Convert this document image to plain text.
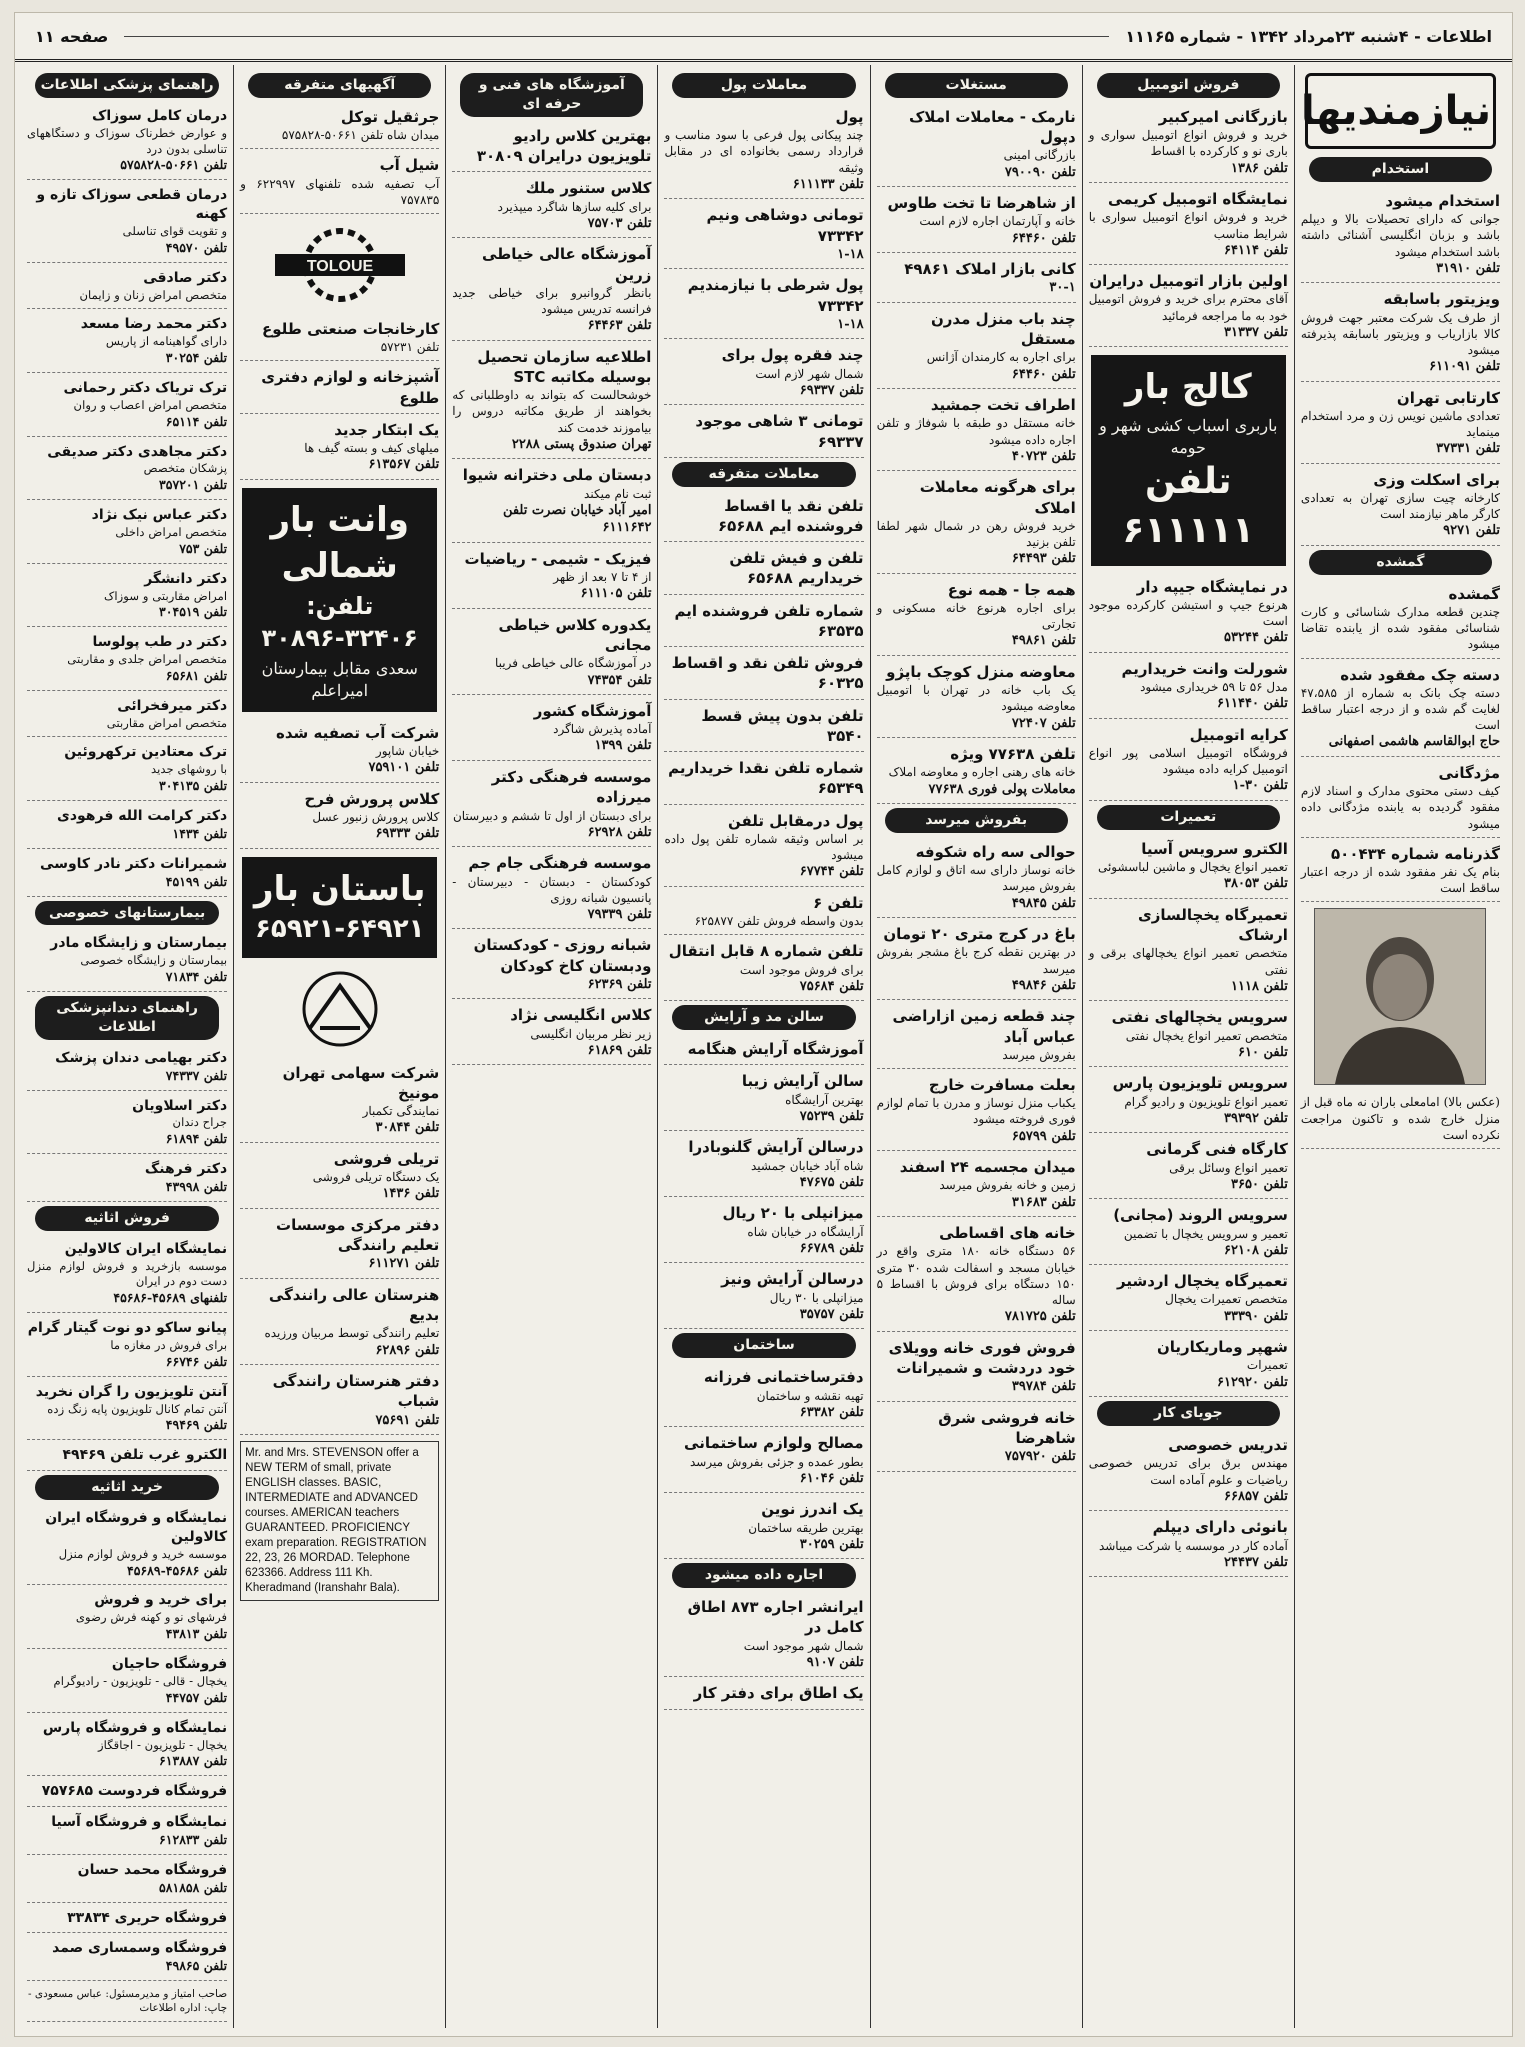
اطلاعات - ۴شنبه ۲۳مرداد ۱۳۴۲ - شماره ۱۱۱۶۵
صفحه ۱۱
نیازمندیها
استخدام
استخدام میشود
جوانی که دارای تحصیلات بالا و دیپلم باشد و بزبان انگلیسی آشنائی داشته باشد استخدام میشود
تلفن ۳۱۹۱۰
ویزیتور باسابقه
از طرف یک شرکت معتبر جهت فروش کالا بازاریاب و ویزیتور باسابقه پذیرفته میشود
تلفن ۶۱۱۰۹۱
کارتابی تهران
تعدادی ماشین نویس زن و مرد استخدام مینماید
تلفن ۳۷۳۳۱
برای اسکلت وزی
کارخانه چیت سازی تهران به تعدادی کارگر ماهر نیازمند است
تلفن ۹۲۷۱
گمشده
گمشده
چندین قطعه مدارک شناسائی و کارت شناسائی مفقود شده از یابنده تقاضا میشود
دسته چک مفقود شده
دسته چک بانک به شماره از ۴۷،۵۸۵ لغایت گم شده و از درجه اعتبار ساقط است
حاج ابوالقاسم هاشمی اصفهانی
مژدگانی
کیف دستی محتوی مدارک و اسناد لازم مفقود گردیده به یابنده مژدگانی داده میشود
گذرنامه شماره ۵۰۰۴۳۴
بنام یک نفر مفقود شده از درجه اعتبار ساقط است
(عکس بالا) امامعلی باران نه ماه قبل از منزل خارج شده و تاکنون مراجعت نکرده است
فروش اتومبیل
بازرگانی امیرکبیر
خرید و فروش انواع اتومبیل سواری و باری نو و کارکرده با اقساط
تلفن ۱۳۸۶
نمایشگاه اتومبیل کریمی
خرید و فروش انواع اتومبیل سواری با شرایط مناسب
تلفن ۶۴۱۱۴
اولین بازار اتومبیل درایران
آقای محترم برای خرید و فروش اتومبیل خود به ما مراجعه فرمائید
تلفن ۳۱۳۳۷
کالج بار
باربری اسباب کشی شهر و حومه
تلفن ۶۱۱۱۱۱
در نمایشگاه جیپه دار
هرنوع جیپ و استیشن کارکرده موجود است
تلفن ۵۳۲۴۴
شورلت وانت خریداریم
مدل ۵۶ تا ۵۹ خریداری میشود
تلفن ۶۱۱۴۴۰
کرایه اتومبیل
فروشگاه اتومبیل اسلامی پور انواع اتومبیل کرایه داده میشود
تلفن ۳۰-۱
تعمیرات
الکترو سرویس آسیا
تعمیر انواع یخچال و ماشین لباسشوئی
تلفن ۳۸۰۵۳
تعمیرگاه یخچالسازی ارشاک
متخصص تعمیر انواع یخچالهای برقی و نفتی
تلفن ۱۱۱۸
سرویس یخچالهای نفتی
متخصص تعمیر انواع یخچال نفتی
تلفن ۶۱۰
سرویس تلویزیون پارس
تعمیر انواع تلویزیون و رادیو گرام
تلفن ۳۹۳۹۲
کارگاه فنی گرمانی
تعمیر انواع وسائل برقی
تلفن ۳۶۵۰
سرویس الروند (مجانی)
تعمیر و سرویس یخچال با تضمین
تلفن ۶۲۱۰۸
تعمیرگاه یخچال اردشیر
متخصص تعمیرات یخچال
تلفن ۳۳۳۹۰
شهپر وماریکاریان
تعمیرات
تلفن ۶۱۲۹۲۰
جویای کار
تدریس خصوصی
مهندس برق برای تدریس خصوصی ریاضیات و علوم آماده است
تلفن ۶۶۸۵۷
بانوئی دارای دیپلم
آماده کار در موسسه یا شرکت میباشد
تلفن ۲۴۴۳۷
مستغلات
نارمک - معاملات املاک دپول
بازرگانی امینی
تلفن ۷۹۰۰۹۰
از شاهرضا تا تخت طاوس
خانه و آپارتمان اجاره لازم است
تلفن ۶۴۴۶۰
کانی بازار املاک ۴۹۸۶۱
۳۰-۱
چند باب منزل مدرن مستقل
برای اجاره به کارمندان آژانس
تلفن ۶۴۴۶۰
اطراف تخت جمشید
خانه مستقل دو طبقه با شوفاژ و تلفن اجاره داده میشود
تلفن ۴۰۷۲۳
برای هرگونه معاملات املاک
خرید فروش رهن در شمال شهر لطفا تلفن بزنید
تلفن ۶۴۴۹۳
همه جا - همه نوع
برای اجاره هرنوع خانه مسکونی و تجارتی
تلفن ۴۹۸۶۱
معاوضه منزل کوچک باپژو
یک باب خانه در تهران با اتومبیل معاوضه میشود
تلفن ۷۲۴۰۷
تلفن ۷۷۶۳۸ ویژه
خانه های رهنی اجاره و معاوضه املاک
معاملات پولی فوری ۷۷۶۳۸
بفروش میرسد
حوالی سه راه شکوفه
خانه نوساز دارای سه اتاق و لوازم کامل بفروش میرسد
تلفن ۴۹۸۴۵
باغ در کرج متری ۲۰ تومان
در بهترین نقطه کرج باغ مشجر بفروش میرسد
تلفن ۴۹۸۴۶
چند قطعه زمین ازاراضی عباس آباد
بفروش میرسد
بعلت مسافرت خارج
یکباب منزل نوساز و مدرن با تمام لوازم فوری فروخته میشود
تلفن ۶۵۷۹۹
میدان مجسمه ۲۴ اسفند
زمین و خانه بفروش میرسد
تلفن ۳۱۶۸۳
خانه های اقساطی
۵۶ دستگاه خانه ۱۸۰ متری واقع در خیابان مسجد و اسفالت شده ۳۰ متری ۱۵۰ دستگاه برای فروش با اقساط ۵ ساله
تلفن ۷۸۱۷۲۵
فروش فوری خانه وویلای خود دردشت و شمیرانات
تلفن ۳۹۷۸۴
خانه فروشی شرق شاهرضا
تلفن ۷۵۷۹۲۰
معاملات پول
پول
چند پیکانی پول فرعی با سود مناسب و قرارداد رسمی بخانواده ای در مقابل وثیقه
تلفن ۶۱۱۱۳۳
تومانی دوشاهی ونیم ۷۳۳۴۲
۱-۱۸
پول شرطی با نیازمندیم ۷۳۳۴۲
۱-۱۸
چند فقره پول برای
شمال شهر لازم است
تلفن ۶۹۳۳۷
تومانی ۳ شاهی موجود ۶۹۳۳۷
معاملات متفرقه
تلفن نقد یا اقساط فروشنده ایم ۶۵۶۸۸
تلفن و فیش تلفن خریداریم ۶۵۶۸۸
شماره تلفن فروشنده ایم ۶۳۵۳۵
فروش تلفن نقد و اقساط ۶۰۳۲۵
تلفن بدون پیش قسط ۳۵۴۰
شماره تلفن نقدا خریداریم ۶۵۳۴۹
پول درمقابل تلفن
بر اساس وثیقه شماره تلفن پول داده میشود
تلفن ۶۷۷۴۴
تلفن ۶
بدون واسطه فروش تلفن ۶۲۵۸۷۷
تلفن شماره ۸ قابل انتقال
برای فروش موجود است
تلفن ۷۵۶۸۴
سالن مد و آرایش
آموزشگاه آرایش هنگامه
سالن آرایش زیبا
بهترین آرایشگاه
تلفن ۷۵۲۳۹
درسالن آرایش گلنوبادرا
شاه آباد خیابان جمشید
تلفن ۴۷۶۷۵
میزانپلی با ۲۰ ریال
آرایشگاه در خیابان شاه
تلفن ۶۶۷۸۹
درسالن آرایش ونیز
میزانپلی با ۳۰ ریال
تلفن ۳۵۷۵۷
ساختمان
دفترساختمانی فرزانه
تهیه نقشه و ساختمان
تلفن ۶۳۳۸۲
مصالح ولوازم ساختمانی
بطور عمده و جزئی بفروش میرسد
تلفن ۶۱۰۴۶
یک اندرز نوین
بهترین طریقه ساختمان
تلفن ۳۰۲۵۹
اجاره داده میشود
ایرانشر اجاره ۸۷۳ اطاق کامل در
شمال شهر موجود است
تلفن ۹۱۰۷
یک اطاق برای دفتر کار
آموزشگاه های فنی و حرفه ای
بهترین کلاس رادیو تلویزیون درایران ۳۰۸۰۹
کلاس ستنور ملك
برای کلیه سازها شاگرد میپذیرد
تلفن ۷۵۷۰۳
آموزشگاه عالی خیاطی زرین
بانظر گروانبرو برای خیاطی جدید فرانسه تدریس میشود
تلفن ۶۴۴۶۳
اطلاعیه سازمان تحصیل بوسیله مکاتبه STC
خوشحالست که بتواند به داوطلبانی که بخواهند از طریق مکاتبه دروس را بیاموزند خدمت کند
تهران صندوق پستی ۲۲۸۸
دبستان ملی دخترانه شیوا
ثبت نام میکند
امیر آباد خیابان نصرت تلفن ۶۱۱۱۶۴۲
فیزیک - شیمی - ریاضیات
از ۴ تا ۷ بعد از ظهر
تلفن ۶۱۱۱۰۵
یکدوره کلاس خیاطی مجانی
در آموزشگاه عالی خیاطی فریبا
تلفن ۷۴۳۵۴
آموزشگاه کشور
آماده پذیرش شاگرد
تلفن ۱۳۹۹
موسسه فرهنگی دکتر میرزاده
برای دبستان از اول تا ششم و دبیرستان
تلفن ۶۲۹۲۸
موسسه فرهنگی جام جم
کودکستان - دبستان - دبیرستان - پانسیون شبانه روزی
تلفن ۷۹۳۳۹
شبانه روزی - کودکستان ودبستان کاخ کودکان
تلفن ۶۲۳۶۹
کلاس انگلیسی نژاد
زیر نظر مربیان انگلیسی
تلفن ۶۱۸۶۹
آگهیهای متفرقه
جرثقیل توکل
میدان شاه تلفن ۵۰۶۶۱-۵۷۵۸۲۸
شیل آب
آب تصفیه شده تلفنهای ۶۲۲۹۹۷ و ۷۵۷۸۳۵
TOLOUE
کارخانجات صنعتی طلوع
تلفن ۵۷۲۳۱
آشپزخانه و لوازم دفتری طلوع
یک ابتکار جدید
میلهای کیف و بسته گیف ها
تلفن ۶۱۳۵۶۷
وانت بار شمالی
تلفن: ۳۲۴۰۶-۳۰۸۹۶
سعدی مقابل بیمارستان امیراعلم
شرکت آب تصفیه شده
خیابان شاپور
تلفن ۷۵۹۱۰۱
کلاس پرورش فرح
کلاس پرورش زنبور عسل
تلفن ۶۹۳۳۳
باستان بار
۶۵۹۲۱-۶۴۹۲۱
شرکت سهامی تهران مونیخ
نمایندگی تکمبار
تلفن ۳۰۸۴۴
تریلی فروشی
یک دستگاه تریلی فروشی
تلفن ۱۴۳۶
دفتر مرکزی موسسات تعلیم رانندگی
تلفن ۶۱۱۲۷۱
هنرستان عالی رانندگی بدیع
تعلیم رانندگی توسط مربیان ورزیده
تلفن ۶۲۸۹۶
دفتر هنرستان رانندگی شباب
تلفن ۷۵۶۹۱
Mr. and Mrs. STEVENSON offer a NEW TERM of small, private ENGLISH classes. BASIC, INTERMEDIATE and ADVANCED courses. AMERICAN teachers GUARANTEED. PROFICIENCY exam preparation. REGISTRATION 22, 23, 26 MORDAD. Telephone 623366. Address 111 Kh. Kheradmand (Iranshahr Bala).
راهنمای پزشکی اطلاعات
درمان کامل سوزاک
و عوارض خطرناک سوزاک و دستگاههای تناسلی بدون درد
تلفن ۵۰۶۶۱-۵۷۵۸۲۸
درمان قطعی سوزاک تازه و کهنه
و تقویت قوای تناسلی
تلفن ۴۹۵۷۰
دکتر صادقی
متخصص امراض زنان و زایمان
دکتر محمد رضا مسعد
دارای گواهینامه از پاریس
تلفن ۳۰۲۵۴
ترک تریاک دکتر رحمانی
متخصص امراض اعصاب و روان
تلفن ۶۵۱۱۴
دکتر مجاهدی دکتر صدیقی
پزشکان متخصص
تلفن ۳۵۷۲۰۱
دکتر عباس نیک نژاد
متخصص امراض داخلی
تلفن ۷۵۳
دکتر دانشگر
امراض مقاربتی و سوزاک
تلفن ۳۰۴۵۱۹
دکتر در طب پولوسا
متخصص امراض جلدی و مقاربتی
تلفن ۶۵۶۸۱
دکتر میرفخرائی
متخصص امراض مقاربتی
ترک معتادین ترکهروئین
با روشهای جدید
تلفن ۳۰۴۱۳۵
دکتر کرامت الله فرهودی
تلفن ۱۴۳۴
شمیرانات دکتر نادر کاوسی
تلفن ۴۵۱۹۹
بیمارستانهای خصوصی
بیمارستان و زایشگاه مادر
بیمارستان و زایشگاه خصوصی
تلفن ۷۱۸۳۴
راهنمای دندانپزشکی اطلاعات
دکتر بهیامی دندان پزشک
تلفن ۷۴۳۳۷
دکتر اسلاویان
جراح دندان
تلفن ۶۱۸۹۴
دکتر فرهنگ
تلفن ۴۳۹۹۸
فروش اثاثیه
نمایشگاه ایران کالاولین
موسسه بازخرید و فروش لوازم منزل دست دوم در ایران
تلفنهای ۴۵۶۸۹-۴۵۶۸۶
پیانو ساکو دو نوت گیتار گرام
برای فروش در مغازه ما
تلفن ۶۶۷۴۶
آنتن تلویزیون را گران نخرید
آنتن تمام کانال تلویزیون پایه زنگ زده
تلفن ۴۹۴۶۹
الکترو غرب تلفن ۴۹۴۶۹
خرید اثاثیه
نمایشگاه و فروشگاه ایران کالاولین
موسسه خرید و فروش لوازم منزل
تلفن ۴۵۶۸۶-۴۵۶۸۹
برای خرید و فروش
فرشهای نو و کهنه فرش رضوی
تلفن ۴۳۸۱۳
فروشگاه حاجیان
یخچال - قالی - تلویزیون - رادیوگرام
تلفن ۴۴۷۵۷
نمایشگاه و فروشگاه پارس
یخچال - تلویزیون - اجاقگاز
تلفن ۶۱۳۸۸۷
فروشگاه فردوست ۷۵۷۶۸۵
نمایشگاه و فروشگاه آسیا
تلفن ۶۱۲۸۳۳
فروشگاه محمد حسان
تلفن ۵۸۱۸۵۸
فروشگاه حریری ۳۳۸۳۴
فروشگاه وسمساری صمد
تلفن ۴۹۸۶۵
صاحب امتیاز و مدیرمسئول: عباس مسعودی - چاپ: اداره اطلاعات
